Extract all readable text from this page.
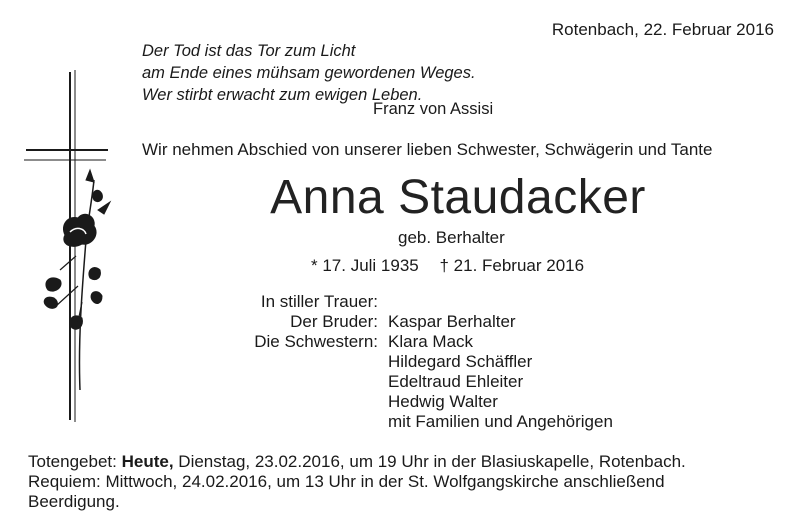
Rotenbach, 22. Februar 2016
Der Tod ist das Tor zum Licht
am Ende eines mühsam gewordenen Weges.
Wer stirbt erwacht zum ewigen Leben.
Franz von Assisi
Wir nehmen Abschied von unserer lieben Schwester, Schwägerin und Tante
Anna Staudacker
geb. Berhalter
* 17. Juli 1935 † 21. Februar 2016
In stiller Trauer:
Der Bruder: Kaspar Berhalter
Die Schwestern: Klara Mack
Hildegard Schäffler
Edeltraud Ehleiter
Hedwig Walter
mit Familien und Angehörigen
Totengebet: Heute, Dienstag, 23.02.2016, um 19 Uhr in der Blasiuskapelle, Rotenbach.
Requiem: Mittwoch, 24.02.2016, um 13 Uhr in der St. Wolfgangskirche anschließend
Beerdigung.
